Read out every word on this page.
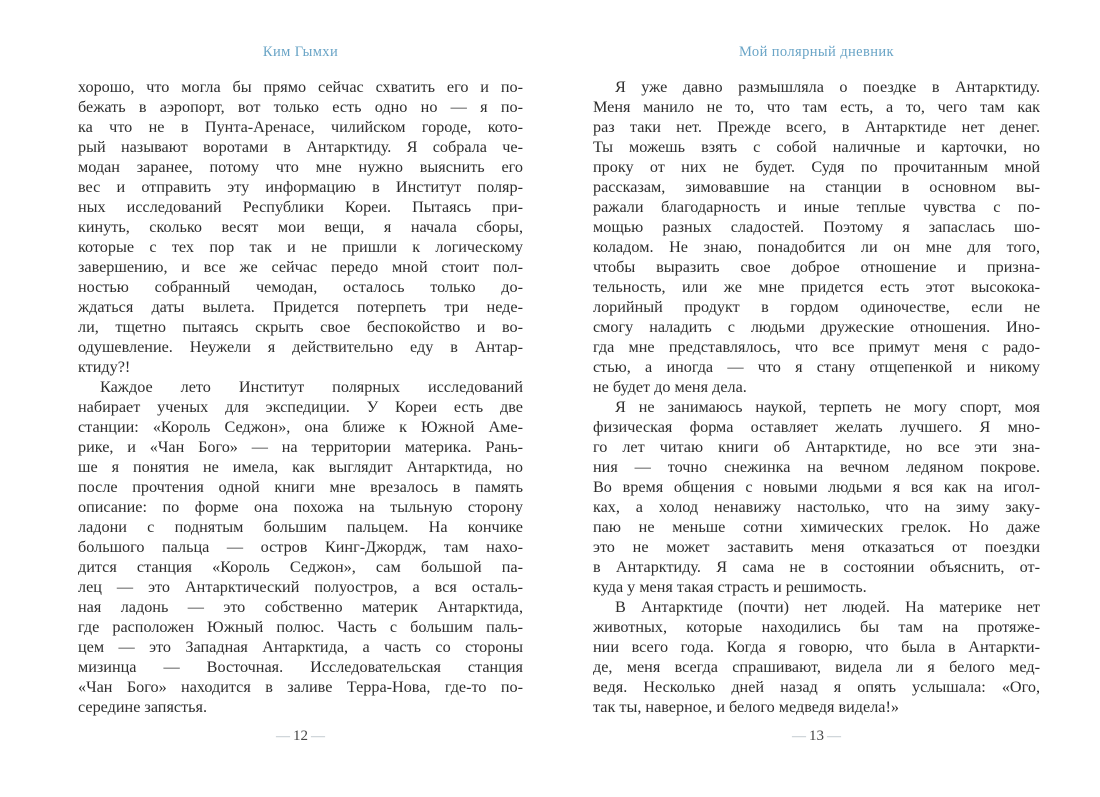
Ким Гымхи
хорошо, что могла бы прямо сейчас схватить его и по-
бежать в аэропорт, вот только есть одно но — я по-
ка что не в Пунта-Аренасе, чилийском городе, кото-
рый называют воротами в Антарктиду. Я собрала че-
модан заранее, потому что мне нужно выяснить его
вес и отправить эту информацию в Институт поляр-
ных исследований Республики Кореи. Пытаясь при-
кинуть, сколько весят мои вещи, я начала сборы,
которые с тех пор так и не пришли к логическому
завершению, и все же сейчас передо мной стоит пол-
ностью собранный чемодан, осталось только до-
ждаться даты вылета. Придется потерпеть три неде-
ли, тщетно пытаясь скрыть свое беспокойство и во-
одушевление. Неужели я действительно еду в Антар-
ктиду?!
Каждое лето Институт полярных исследований
набирает ученых для экспедиции. У Кореи есть две
станции: «Король Седжон», она ближе к Южной Аме-
рике, и «Чан Бого» — на территории материка. Рань-
ше я понятия не имела, как выглядит Антарктида, но
после прочтения одной книги мне врезалось в память
описание: по форме она похожа на тыльную сторону
ладони с поднятым большим пальцем. На кончике
большого пальца — остров Кинг-Джордж, там нахо-
дится станция «Король Седжон», сам большой па-
лец — это Антарктический полуостров, а вся осталь-
ная ладонь — это собственно материк Антарктида,
где расположен Южный полюс. Часть с большим паль-
цем — это Западная Антарктида, а часть со стороны
мизинца — Восточная. Исследовательская станция
«Чан Бого» находится в заливе Терра-Нова, где-то по-
середине запястья.
— 12 —
Мой полярный дневник
Я уже давно размышляла о поездке в Антарктиду.
Меня манило не то, что там есть, а то, чего там как
раз таки нет. Прежде всего, в Антарктиде нет денег.
Ты можешь взять с собой наличные и карточки, но
проку от них не будет. Судя по прочитанным мной
рассказам, зимовавшие на станции в основном вы-
ражали благодарность и иные теплые чувства с по-
мощью разных сладостей. Поэтому я запаслась шо-
коладом. Не знаю, понадобится ли он мне для того,
чтобы выразить свое доброе отношение и призна-
тельность, или же мне придется есть этот высокока-
лорийный продукт в гордом одиночестве, если не
смогу наладить с людьми дружеские отношения. Ино-
гда мне представлялось, что все примут меня с радо-
стью, а иногда — что я стану отщепенкой и никому
не будет до меня дела.
Я не занимаюсь наукой, терпеть не могу спорт, моя
физическая форма оставляет желать лучшего. Я мно-
го лет читаю книги об Антарктиде, но все эти зна-
ния — точно снежинка на вечном ледяном покрове.
Во время общения с новыми людьми я вся как на игол-
ках, а холод ненавижу настолько, что на зиму заку-
паю не меньше сотни химических грелок. Но даже
это не может заставить меня отказаться от поездки
в Антарктиду. Я сама не в состоянии объяснить, от-
куда у меня такая страсть и решимость.
В Антарктиде (почти) нет людей. На материке нет
животных, которые находились бы там на протяже-
нии всего года. Когда я говорю, что была в Антаркти-
де, меня всегда спрашивают, видела ли я белого мед-
ведя. Несколько дней назад я опять услышала: «Ого,
так ты, наверное, и белого медведя видела!»
— 13 —
